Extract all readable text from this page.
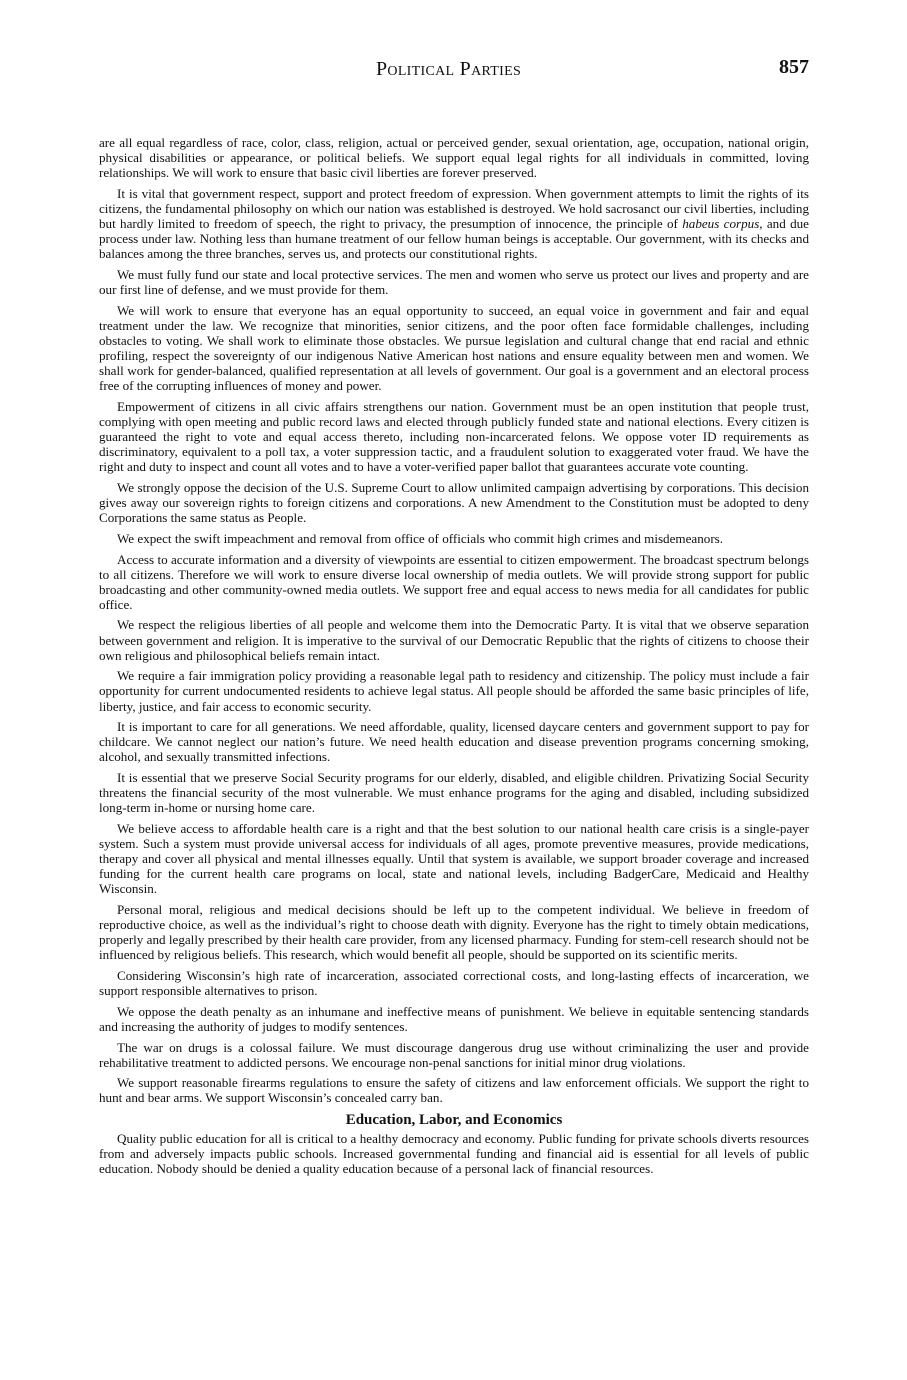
Political Parties	857

are all equal regardless of race, color, class, religion, actual or perceived gender, sexual orientation, age, occupation, national origin, physical disabilities or appearance, or political beliefs. We support equal legal rights for all individuals in committed, loving relationships. We will work to ensure that basic civil liberties are forever preserved.

It is vital that government respect, support and protect freedom of expression. When government attempts to limit the rights of its citizens, the fundamental philosophy on which our nation was established is destroyed. We hold sacrosanct our civil liberties, including but hardly limited to freedom of speech, the right to privacy, the presumption of innocence, the principle of habeus corpus, and due process under law. Nothing less than humane treatment of our fellow human beings is acceptable. Our government, with its checks and balances among the three branches, serves us, and protects our constitutional rights.

We must fully fund our state and local protective services. The men and women who serve us protect our lives and property and are our first line of defense, and we must provide for them.

We will work to ensure that everyone has an equal opportunity to succeed, an equal voice in government and fair and equal treatment under the law. We recognize that minorities, senior citizens, and the poor often face formidable challenges, including obstacles to voting. We shall work to eliminate those obstacles. We pursue legislation and cultural change that end racial and ethnic profiling, respect the sovereignty of our indigenous Native American host nations and ensure equality between men and women. We shall work for gender-balanced, qualified representation at all levels of government. Our goal is a government and an electoral process free of the corrupting influences of money and power.

Empowerment of citizens in all civic affairs strengthens our nation. Government must be an open institution that people trust, complying with open meeting and public record laws and elected through publicly funded state and national elections. Every citizen is guaranteed the right to vote and equal access thereto, including non-incarcerated felons. We oppose voter ID requirements as discriminatory, equivalent to a poll tax, a voter suppression tactic, and a fraudulent solution to exaggerated voter fraud. We have the right and duty to inspect and count all votes and to have a voter-verified paper ballot that guarantees accurate vote counting.

We strongly oppose the decision of the U.S. Supreme Court to allow unlimited campaign advertising by corporations. This decision gives away our sovereign rights to foreign citizens and corporations. A new Amendment to the Constitution must be adopted to deny Corporations the same status as People.

We expect the swift impeachment and removal from office of officials who commit high crimes and misdemeanors.

Access to accurate information and a diversity of viewpoints are essential to citizen empowerment. The broadcast spectrum belongs to all citizens. Therefore we will work to ensure diverse local ownership of media outlets. We will provide strong support for public broadcasting and other community-owned media outlets. We support free and equal access to news media for all candidates for public office.

We respect the religious liberties of all people and welcome them into the Democratic Party. It is vital that we observe separation between government and religion. It is imperative to the survival of our Democratic Republic that the rights of citizens to choose their own religious and philosophical beliefs remain intact.

We require a fair immigration policy providing a reasonable legal path to residency and citizenship. The policy must include a fair opportunity for current undocumented residents to achieve legal status. All people should be afforded the same basic principles of life, liberty, justice, and fair access to economic security.

It is important to care for all generations. We need affordable, quality, licensed daycare centers and government support to pay for childcare. We cannot neglect our nation’s future. We need health education and disease prevention programs concerning smoking, alcohol, and sexually transmitted infections.

It is essential that we preserve Social Security programs for our elderly, disabled, and eligible children. Privatizing Social Security threatens the financial security of the most vulnerable. We must enhance programs for the aging and disabled, including subsidized long-term in-home or nursing home care.

We believe access to affordable health care is a right and that the best solution to our national health care crisis is a single-payer system. Such a system must provide universal access for individuals of all ages, promote preventive measures, provide medications, therapy and cover all physical and mental illnesses equally. Until that system is available, we support broader coverage and increased funding for the current health care programs on local, state and national levels, including BadgerCare, Medicaid and Healthy Wisconsin.

Personal moral, religious and medical decisions should be left up to the competent individual. We believe in freedom of reproductive choice, as well as the individual’s right to choose death with dignity. Everyone has the right to timely obtain medications, properly and legally prescribed by their health care provider, from any licensed pharmacy. Funding for stem-cell research should not be influenced by religious beliefs. This research, which would benefit all people, should be supported on its scientific merits.

Considering Wisconsin’s high rate of incarceration, associated correctional costs, and long-lasting effects of incarceration, we support responsible alternatives to prison.

We oppose the death penalty as an inhumane and ineffective means of punishment. We believe in equitable sentencing standards and increasing the authority of judges to modify sentences.

The war on drugs is a colossal failure. We must discourage dangerous drug use without criminalizing the user and provide rehabilitative treatment to addicted persons. We encourage non-penal sanctions for initial minor drug violations.

We support reasonable firearms regulations to ensure the safety of citizens and law enforcement officials. We support the right to hunt and bear arms. We support Wisconsin’s concealed carry ban.

Education, Labor, and Economics

Quality public education for all is critical to a healthy democracy and economy. Public funding for private schools diverts resources from and adversely impacts public schools. Increased governmental funding and financial aid is essential for all levels of public education. Nobody should be denied a quality education because of a personal lack of financial resources.
